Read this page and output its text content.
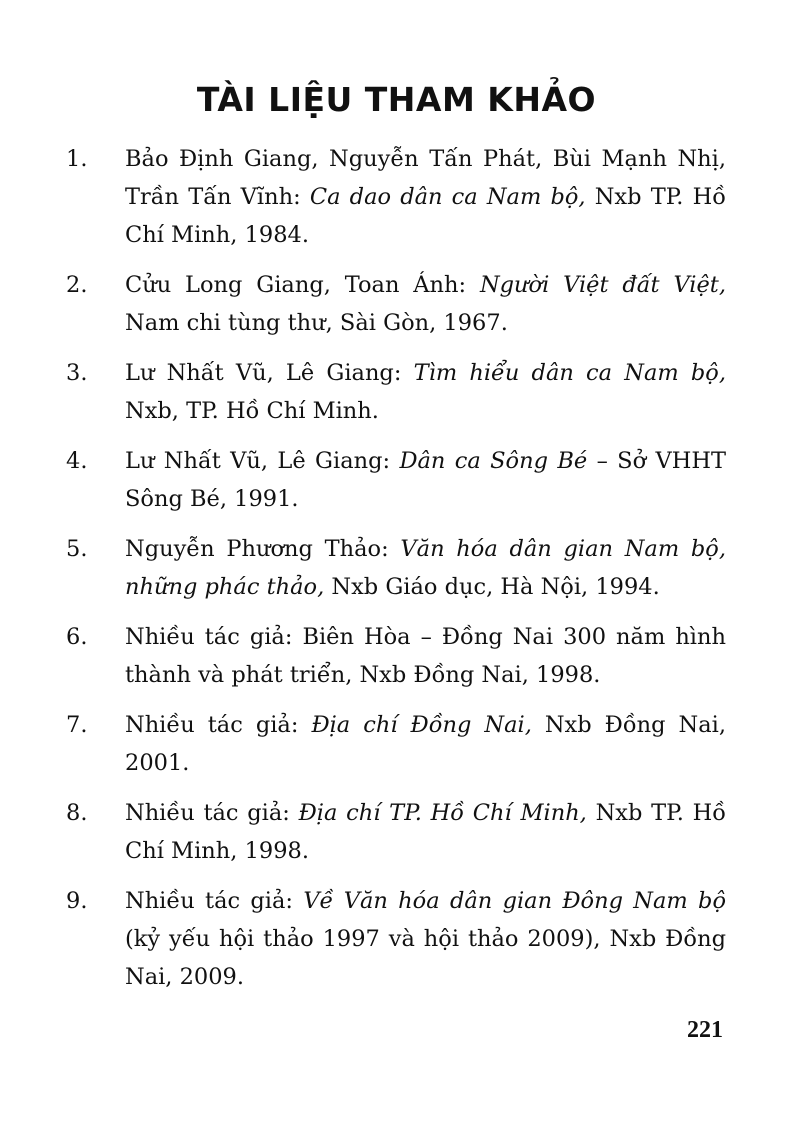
TÀI LIỆU THAM KHẢO
1. Bảo Định Giang, Nguyễn Tấn Phát, Bùi Mạnh Nhị, Trần Tấn Vĩnh: Ca dao dân ca Nam bộ, Nxb TP. Hồ Chí Minh, 1984.
2. Cửu Long Giang, Toan Ánh: Người Việt đất Việt, Nam chi tùng thư, Sài Gòn, 1967.
3. Lư Nhất Vũ, Lê Giang: Tìm hiểu dân ca Nam bộ, Nxb, TP. Hồ Chí Minh.
4. Lư Nhất Vũ, Lê Giang: Dân ca Sông Bé – Sở VHHT Sông Bé, 1991.
5. Nguyễn Phương Thảo: Văn hóa dân gian Nam bộ, những phác thảo, Nxb Giáo dục, Hà Nội, 1994.
6. Nhiều tác giả: Biên Hòa – Đồng Nai 300 năm hình thành và phát triển, Nxb Đồng Nai, 1998.
7. Nhiều tác giả: Địa chí Đồng Nai, Nxb Đồng Nai, 2001.
8. Nhiều tác giả: Địa chí TP. Hồ Chí Minh, Nxb TP. Hồ Chí Minh, 1998.
9. Nhiều tác giả: Về Văn hóa dân gian Đông Nam bộ (kỷ yếu hội thảo 1997 và hội thảo 2009), Nxb Đồng Nai, 2009.

221
